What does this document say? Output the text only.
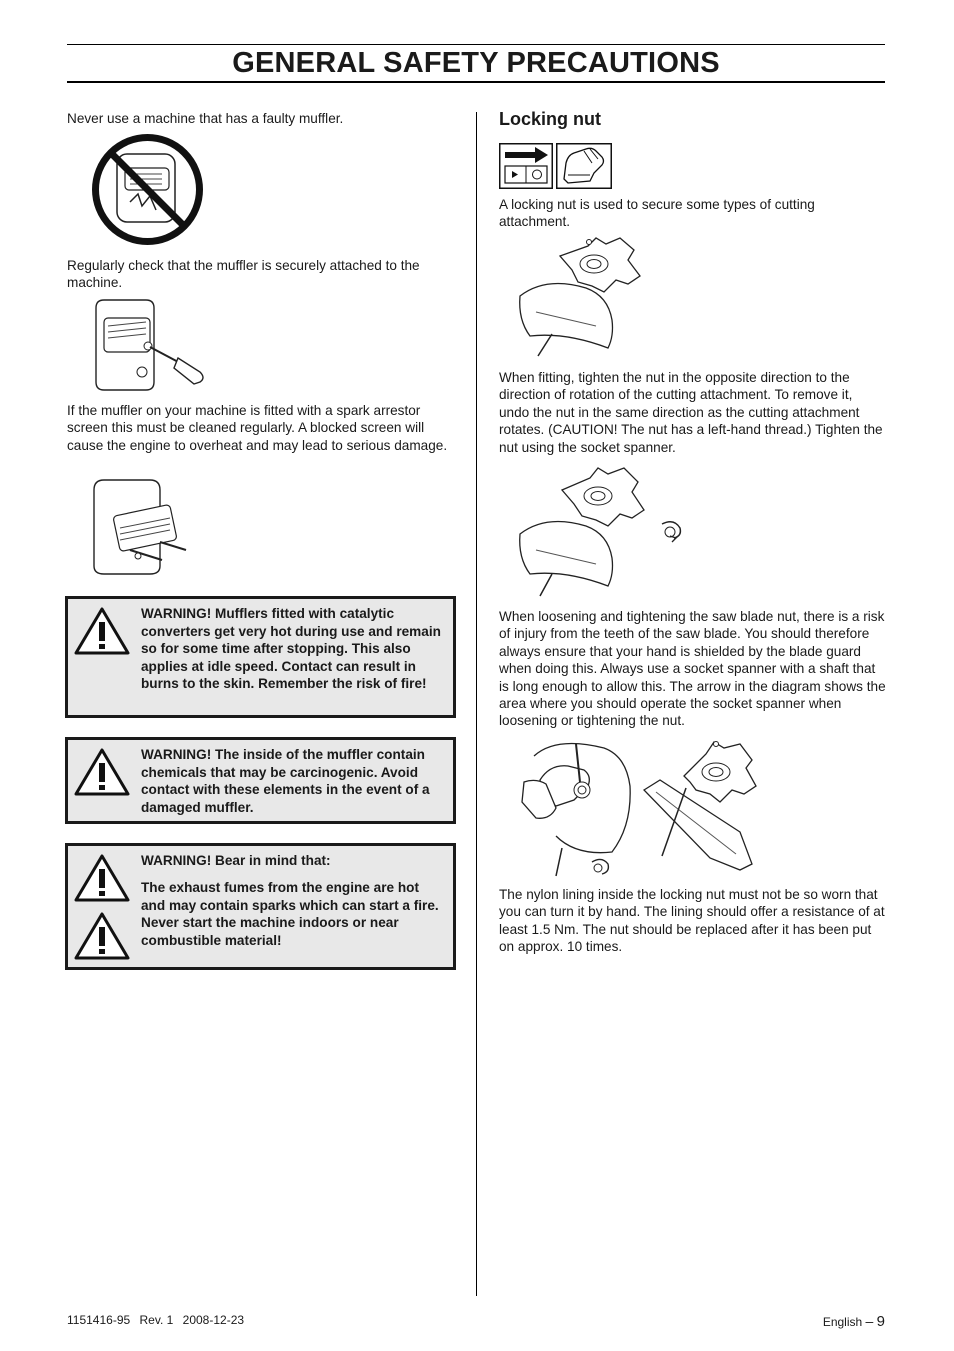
GENERAL SAFETY PRECAUTIONS

Never use a machine that has a faulty muffler.

Regularly check that the muffler is securely attached to the machine.

If the muffler on your machine is fitted with a spark arrestor screen this must be cleaned regularly. A blocked screen will cause the engine to overheat and may lead to serious damage.

WARNING! Mufflers fitted with catalytic converters get very hot during use and remain so for some time after stopping. This also applies at idle speed. Contact can result in burns to the skin. Remember the risk of fire!
WARNING! The inside of the muffler contain chemicals that may be carcinogenic. Avoid contact with these elements in the event of a damaged muffler.
WARNING! Bear in mind that:
The exhaust fumes from the engine are hot and may contain sparks which can start a fire. Never start the machine indoors or near combustible material!
Locking nut

A locking nut is used to secure some types of cutting attachment.

When fitting, tighten the nut in the opposite direction to the direction of rotation of the cutting attachment. To remove it, undo the nut in the same direction as the cutting attachment rotates. (CAUTION! The nut has a left-hand thread.) Tighten the nut using the socket spanner.

When loosening and tightening the saw blade nut, there is a risk of injury from the teeth of the saw blade. You should therefore always ensure that your hand is shielded by the blade guard when doing this. Always use a socket spanner with a shaft that is long enough to allow this. The arrow in the diagram shows the area where you should operate the socket spanner when loosening or tightening the nut.

The nylon lining inside the locking nut must not be so worn that you can turn it by hand. The lining should offer a resistance of at least 1.5 Nm. The nut should be replaced after it has been put on approx. 10 times.

1151416-95 Rev. 1 2008-12-23	English – 9
